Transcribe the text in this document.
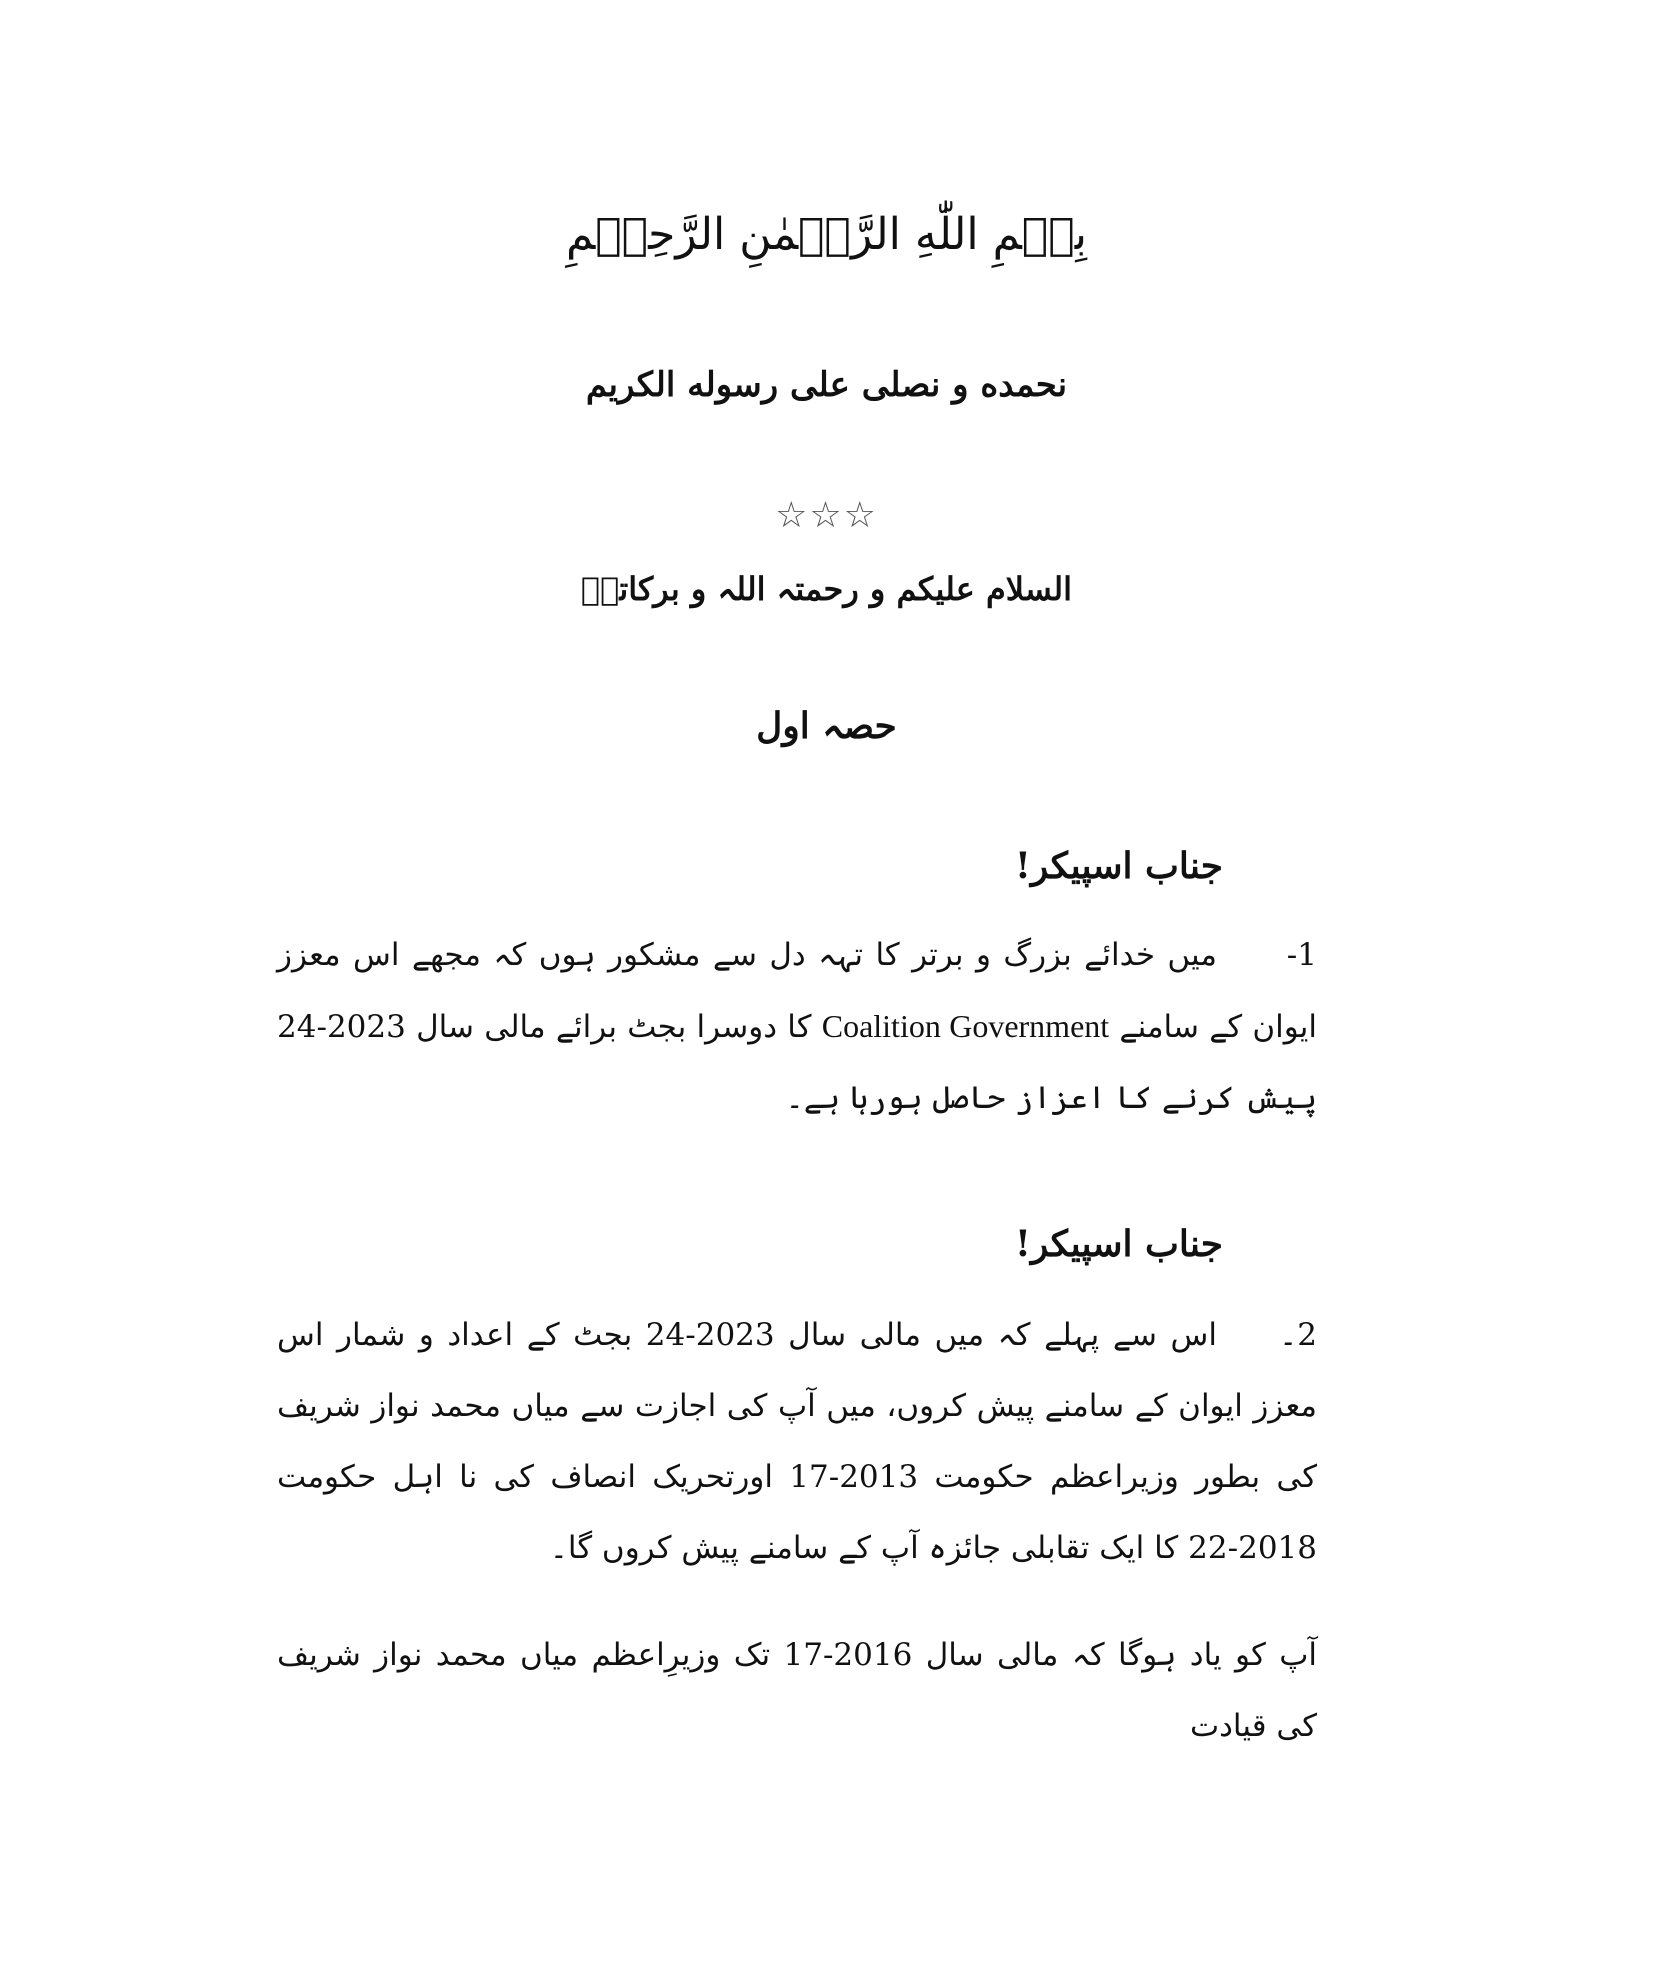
بِسۡمِ اللّٰهِ الرَّحۡمٰنِ الرَّحِيۡمِ
نحمده و نصلی علی رسوله الکریم
☆☆☆
السلام علیکم و رحمتہ اللہ و برکاتہٗ
حصہ اول
جناب اسپیکر!
1-میں خدائے بزرگ و برتر کا تہہ دل سے مشکور ہوں کہ مجھے اس معزز ایوان کے سامنے Coalition Government کا دوسرا بجٹ برائے مالی سال 2023-24 پیش کرنے کا اعزاز حاصل ہورہا ہے۔
جناب اسپیکر!
2۔اس سے پہلے کہ میں مالی سال 2023-24 بجٹ کے اعداد و شمار اس معزز ایوان کے سامنے پیش کروں، میں آپ کی اجازت سے میاں محمد نواز شریف کی بطور وزیراعظم حکومت 2013-17 اورتحریک انصاف کی نا اہل حکومت 2018-22 کا ایک تقابلی جائزہ آپ کے سامنے پیش کروں گا۔
آپ کو یاد ہوگا کہ مالی سال 2016-17 تک وزیرِاعظم میاں محمد نواز شریف کی قیادت
